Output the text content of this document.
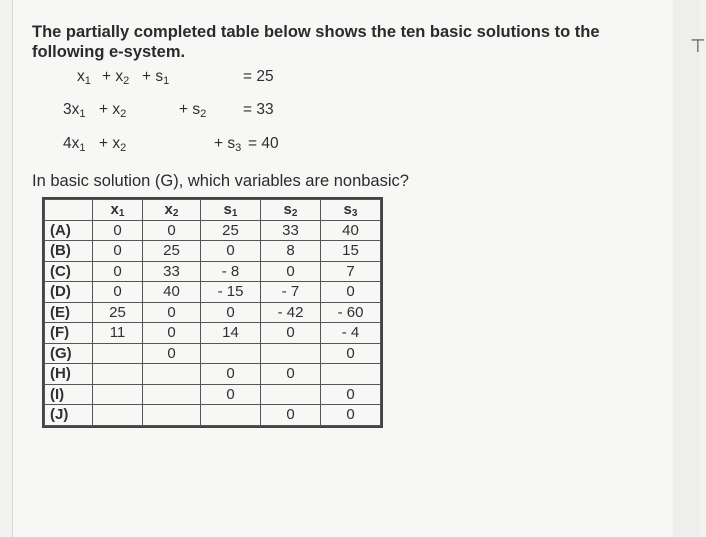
⊤
The partially completed table below shows the ten basic solutions to the following e-system.
$x_1 + x_2 + s_1$	= 25
$3x_1 + x_2$	+ $s_2 = 33$
$4x_1 + x_2$	+ $s_3 = 40$
In basic solution (G), which variables are nonbasic?
	$x_1$	$x_2$	$s_1$	$s_2$	$s_3$
(A)	0	0	25	33	40
(B)	0	25	0	8	15
(C)	0	33	- 8	0	7
(D)	0	40	- 15	- 7	0
(E)	25	0	0	- 42	- 60
(F)	11	0	14	0	- 4
(G)		0			0
(H)			0	0	
(I)			0		0
(J)				0	0
